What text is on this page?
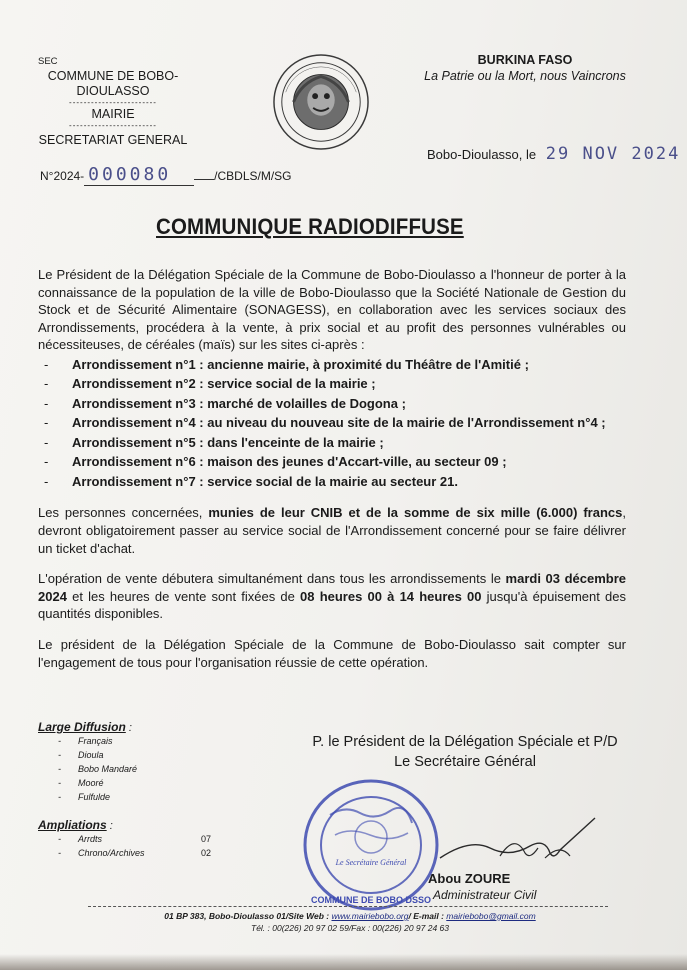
SEC
COMMUNE DE BOBO-DIOULASSO
------------------------
MAIRIE
------------------------
SECRETARIAT GENERAL
BURKINA FASO
La Patrie ou la Mort, nous Vaincrons
Bobo-Dioulasso, le 29 NOV 2024
N°2024- 000080	/CBDLS/M/SG
COMMUNIQUE RADIODIFFUSE

Le Président de la Délégation Spéciale de la Commune de Bobo-Dioulasso a l'honneur de porter à la connaissance de la population de la ville de Bobo-Dioulasso que la Société Nationale de Gestion du Stock et de Sécurité Alimentaire (SONAGESS), en collaboration avec les services sociaux des Arrondissements, procédera à la vente, à prix social et au profit des personnes vulnérables ou nécessiteuses, de céréales (maïs) sur les sites ci-après :

- Arrondissement n°1 : ancienne mairie, à proximité du Théâtre de l'Amitié ;
- Arrondissement n°2 : service social de la mairie ;
- Arrondissement n°3 : marché de volailles de Dogona ;
- Arrondissement n°4 : au niveau du nouveau site de la mairie de l'Arrondissement n°4 ;
- Arrondissement n°5 : dans l'enceinte de la mairie ;
- Arrondissement n°6 : maison des jeunes d'Accart-ville, au secteur 09 ;
- Arrondissement n°7 : service social de la mairie au secteur 21.

Les personnes concernées, munies de leur CNIB et de la somme de six mille (6.000) francs, devront obligatoirement passer au service social de l'Arrondissement concerné pour se faire délivrer un ticket d'achat.

L'opération de vente débutera simultanément dans tous les arrondissements le mardi 03 décembre 2024 et les heures de vente sont fixées de 08 heures 00 à 14 heures 00 jusqu'à épuisement des quantités disponibles.

Le président de la Délégation Spéciale de la Commune de Bobo-Dioulasso sait compter sur l'engagement de tous pour l'organisation réussie de cette opération.

Large Diffusion :
- Français
- Dioula
- Bobo Mandaré
- Mooré
- Fulfulde
Ampliations :
- Arrdts	07
- Chrono/Archives	02
P. le Président de la Délégation Spéciale et P/D
Le Secrétaire Général
Le Secrétaire Général
COMMUNE DE BOBO DSSO
Abou ZOURE
Administrateur Civil
01 BP 383, Bobo-Dioulasso 01/Site Web : www.mairiebobo.org/ E-mail : mairiebobo@gmail.com
Tél. : 00(226) 20 97 02 59/Fax : 00(226) 20 97 24 63
